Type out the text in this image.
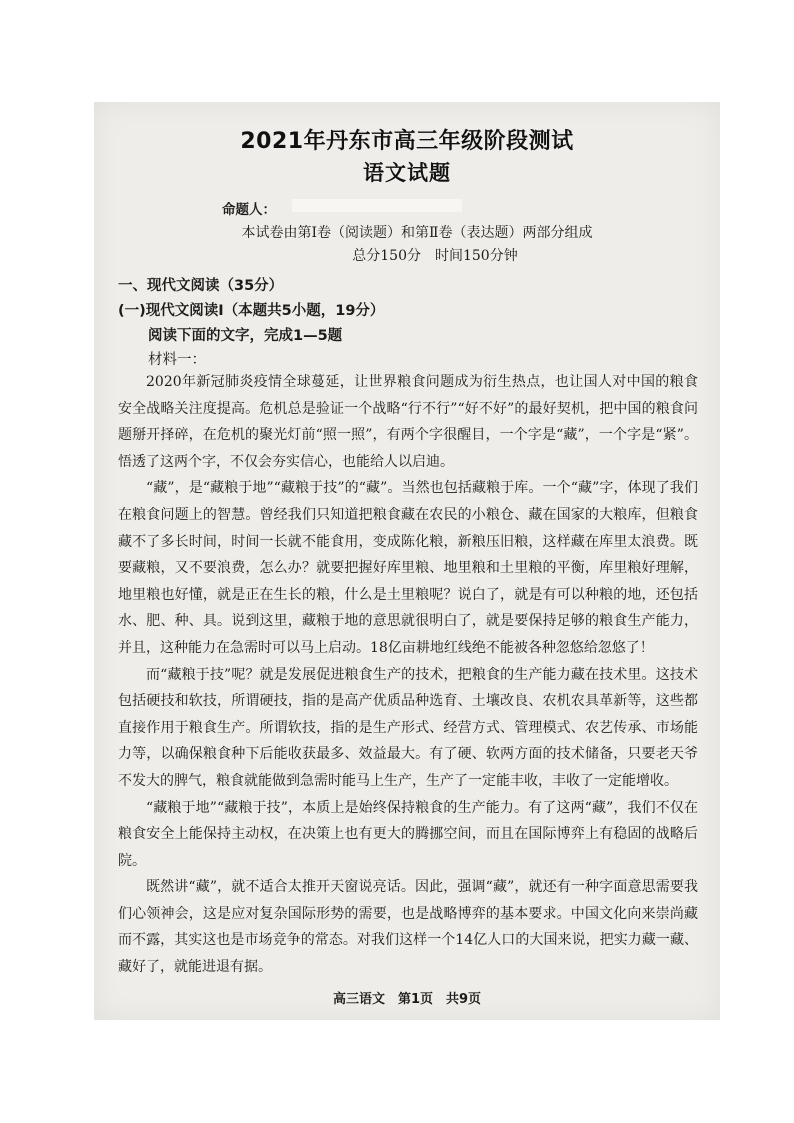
2021年丹东市高三年级阶段测试
语文试题
命题人：
本试卷由第Ⅰ卷（阅读题）和第Ⅱ卷（表达题）两部分组成
总分150分　时间150分钟
一、现代文阅读（35分）
(一)现代文阅读Ⅰ（本题共5小题，19分）
阅读下面的文字，完成1—5题
材料一：

2020年新冠肺炎疫情全球蔓延，让世界粮食问题成为衍生热点，也让国人对中国的粮食安全战略关注度提高。危机总是验证一个战略“行不行”“好不好”的最好契机，把中国的粮食问题掰开择碎，在危机的聚光灯前“照一照”，有两个字很醒目，一个字是“藏”，一个字是“紧”。悟透了这两个字，不仅会夯实信心，也能给人以启迪。

“藏”，是“藏粮于地”“藏粮于技”的“藏”。当然也包括藏粮于库。一个“藏”字，体现了我们在粮食问题上的智慧。曾经我们只知道把粮食藏在农民的小粮仓、藏在国家的大粮库，但粮食藏不了多长时间，时间一长就不能食用，变成陈化粮，新粮压旧粮，这样藏在库里太浪费。既要藏粮，又不要浪费，怎么办？就要把握好库里粮、地里粮和土里粮的平衡，库里粮好理解，地里粮也好懂，就是正在生长的粮，什么是土里粮呢？说白了，就是有可以种粮的地，还包括水、肥、种、具。说到这里，藏粮于地的意思就很明白了，就是要保持足够的粮食生产能力，并且，这种能力在急需时可以马上启动。18亿亩耕地红线绝不能被各种忽悠给忽悠了！

而“藏粮于技”呢？就是发展促进粮食生产的技术，把粮食的生产能力藏在技术里。这技术包括硬技和软技，所谓硬技，指的是高产优质品种选育、土壤改良、农机农具革新等，这些都直接作用于粮食生产。所谓软技，指的是生产形式、经营方式、管理模式、农艺传承、市场能力等，以确保粮食种下后能收获最多、效益最大。有了硬、软两方面的技术储备，只要老天爷不发大的脾气，粮食就能做到急需时能马上生产，生产了一定能丰收，丰收了一定能增收。

“藏粮于地”“藏粮于技”，本质上是始终保持粮食的生产能力。有了这两“藏”，我们不仅在粮食安全上能保持主动权，在决策上也有更大的腾挪空间，而且在国际博弈上有稳固的战略后院。

既然讲“藏”，就不适合太推开天窗说亮话。因此，强调“藏”，就还有一种字面意思需要我们心领神会，这是应对复杂国际形势的需要，也是战略博弈的基本要求。中国文化向来崇尚藏而不露，其实这也是市场竞争的常态。对我们这样一个14亿人口的大国来说，把实力藏一藏、藏好了，就能进退有据。

高三语文　第1页　共9页
